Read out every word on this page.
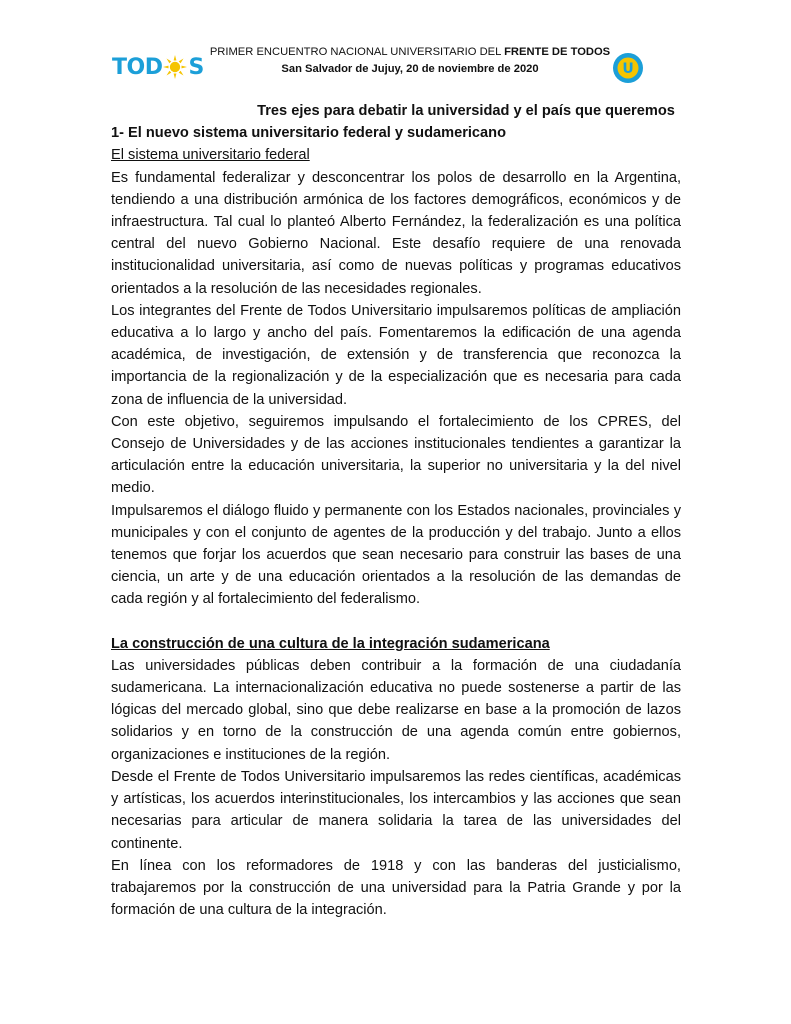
TOD S
PRIMER ENCUENTRO NACIONAL UNIVERSITARIO DEL FRENTE DE TODOS
San Salvador de Jujuy, 20 de noviembre de 2020	U

Tres ejes para debatir la universidad y el país que queremos

1- El nuevo sistema universitario federal y sudamericano

El sistema universitario federal

Es fundamental federalizar y desconcentrar los polos de desarrollo en la Argentina, tendiendo a una distribución armónica de los factores demográficos, económicos y de infraestructura. Tal cual lo planteó Alberto Fernández, la federalización es una política central del nuevo Gobierno Nacional. Este desafío requiere de una renovada institucionalidad universitaria, así como de nuevas políticas y programas educativos orientados a la resolución de las necesidades regionales.

Los integrantes del Frente de Todos Universitario impulsaremos políticas de ampliación educativa a lo largo y ancho del país. Fomentaremos la edificación de una agenda académica, de investigación, de extensión y de transferencia que reconozca la importancia de la regionalización y de la especialización que es necesaria para cada zona de influencia de la universidad.

Con este objetivo, seguiremos impulsando el fortalecimiento de los CPRES, del Consejo de Universidades y de las acciones institucionales tendientes a garantizar la articulación entre la educación universitaria, la superior no universitaria y la del nivel medio.

Impulsaremos el diálogo fluido y permanente con los Estados nacionales, provinciales y municipales y con el conjunto de agentes de la producción y del trabajo. Junto a ellos tenemos que forjar los acuerdos que sean necesario para construir las bases de una ciencia, un arte y de una educación orientados a la resolución de las demandas de cada región y al fortalecimiento del federalismo.

La construcción de una cultura de la integración sudamericana

Las universidades públicas deben contribuir a la formación de una ciudadanía sudamericana. La internacionalización educativa no puede sostenerse a partir de las lógicas del mercado global, sino que debe realizarse en base a la promoción de lazos solidarios y en torno de la construcción de una agenda común entre gobiernos, organizaciones e instituciones de la región.

Desde el Frente de Todos Universitario impulsaremos las redes científicas, académicas y artísticas, los acuerdos interinstitucionales, los intercambios y las acciones que sean necesarias para articular de manera solidaria la tarea de las universidades del continente.

En línea con los reformadores de 1918 y con las banderas del justicialismo, trabajaremos por la construcción de una universidad para la Patria Grande y por la formación de una cultura de la integración.
